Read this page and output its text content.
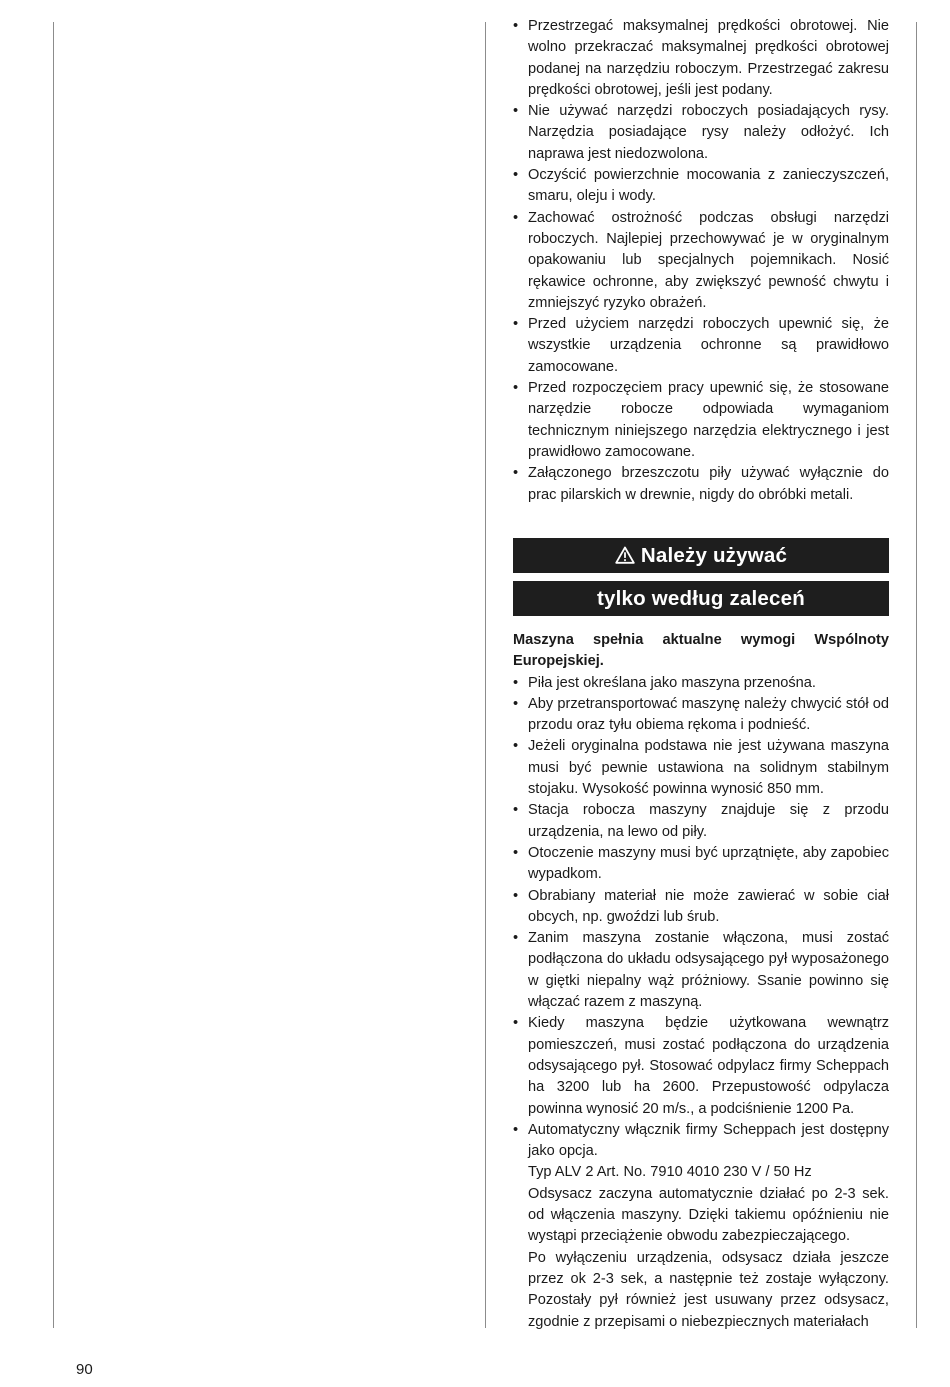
• Przestrzegać maksymalnej prędkości obrotowej. Nie wolno przekraczać maksymalnej prędkości obrotowej podanej na narzędziu roboczym. Przestrzegać zakresu prędkości obrotowej, jeśli jest podany.
• Nie używać narzędzi roboczych posiadających rysy. Narzędzia posiadające rysy należy odłożyć. Ich naprawa jest niedozwolona.
• Oczyścić powierzchnie mocowania z zanieczyszczeń, smaru, oleju i wody.
• Zachować ostrożność podczas obsługi narzędzi roboczych. Najlepiej przechowywać je w oryginalnym opakowaniu lub specjalnych pojemnikach. Nosić rękawice ochronne, aby zwiększyć pewność chwytu i zmniejszyć ryzyko obrażeń.
• Przed użyciem narzędzi roboczych upewnić się, że wszystkie urządzenia ochronne są prawidłowo zamocowane.
• Przed rozpoczęciem pracy upewnić się, że stosowane narzędzie robocze odpowiada wymaganiom technicznym niniejszego narzędzia elektrycznego i jest prawidłowo zamocowane.
• Załączonego brzeszczotu piły używać wyłącznie do prac pilarskich w drewnie, nigdy do obróbki metali.
Należy używać
tylko według zaleceń

Maszyna spełnia aktualne wymogi Wspólnoty Europejskiej.

• Piła jest określana jako maszyna przenośna.
• Aby przetransportować maszynę należy chwycić stół od przodu oraz tyłu obiema rękoma i podnieść.
• Jeżeli oryginalna podstawa nie jest używana maszyna musi być pewnie ustawiona na solidnym stabilnym stojaku. Wysokość powinna wynosić 850 mm.
• Stacja robocza maszyny znajduje się z przodu urządzenia, na lewo od piły.
• Otoczenie maszyny musi być uprzątnięte, aby zapobiec wypadkom.
• Obrabiany materiał nie może zawierać w sobie ciał obcych, np. gwoździ lub śrub.
• Zanim maszyna zostanie włączona, musi zostać podłączona do układu odsysającego pył wyposażonego w giętki niepalny wąż próżniowy. Ssanie powinno się włączać razem z maszyną.
• Kiedy maszyna będzie użytkowana wewnątrz pomieszczeń, musi zostać podłączona do urządzenia odsysającego pył. Stosować odpylacz firmy Scheppach ha 3200 lub ha 2600. Przepustowość odpylacza powinna wynosić 20 m/s., a podciśnienie 1200 Pa.
• Automatyczny włącznik firmy Scheppach jest dostępny jako opcja.
Typ ALV 2 Art. No. 7910 4010 230 V / 50 Hz
Odsysacz zaczyna automatycznie działać po 2-3 sek. od włączenia maszyny. Dzięki takiemu opóźnieniu nie wystąpi przeciążenie obwodu zabezpieczającego.
Po wyłączeniu urządzenia, odsysacz działa jeszcze przez ok 2-3 sek, a następnie też zostaje wyłączony. Pozostały pył również jest usuwany przez odsysacz, zgodnie z przepisami o niebezpiecznych materiałach
90
